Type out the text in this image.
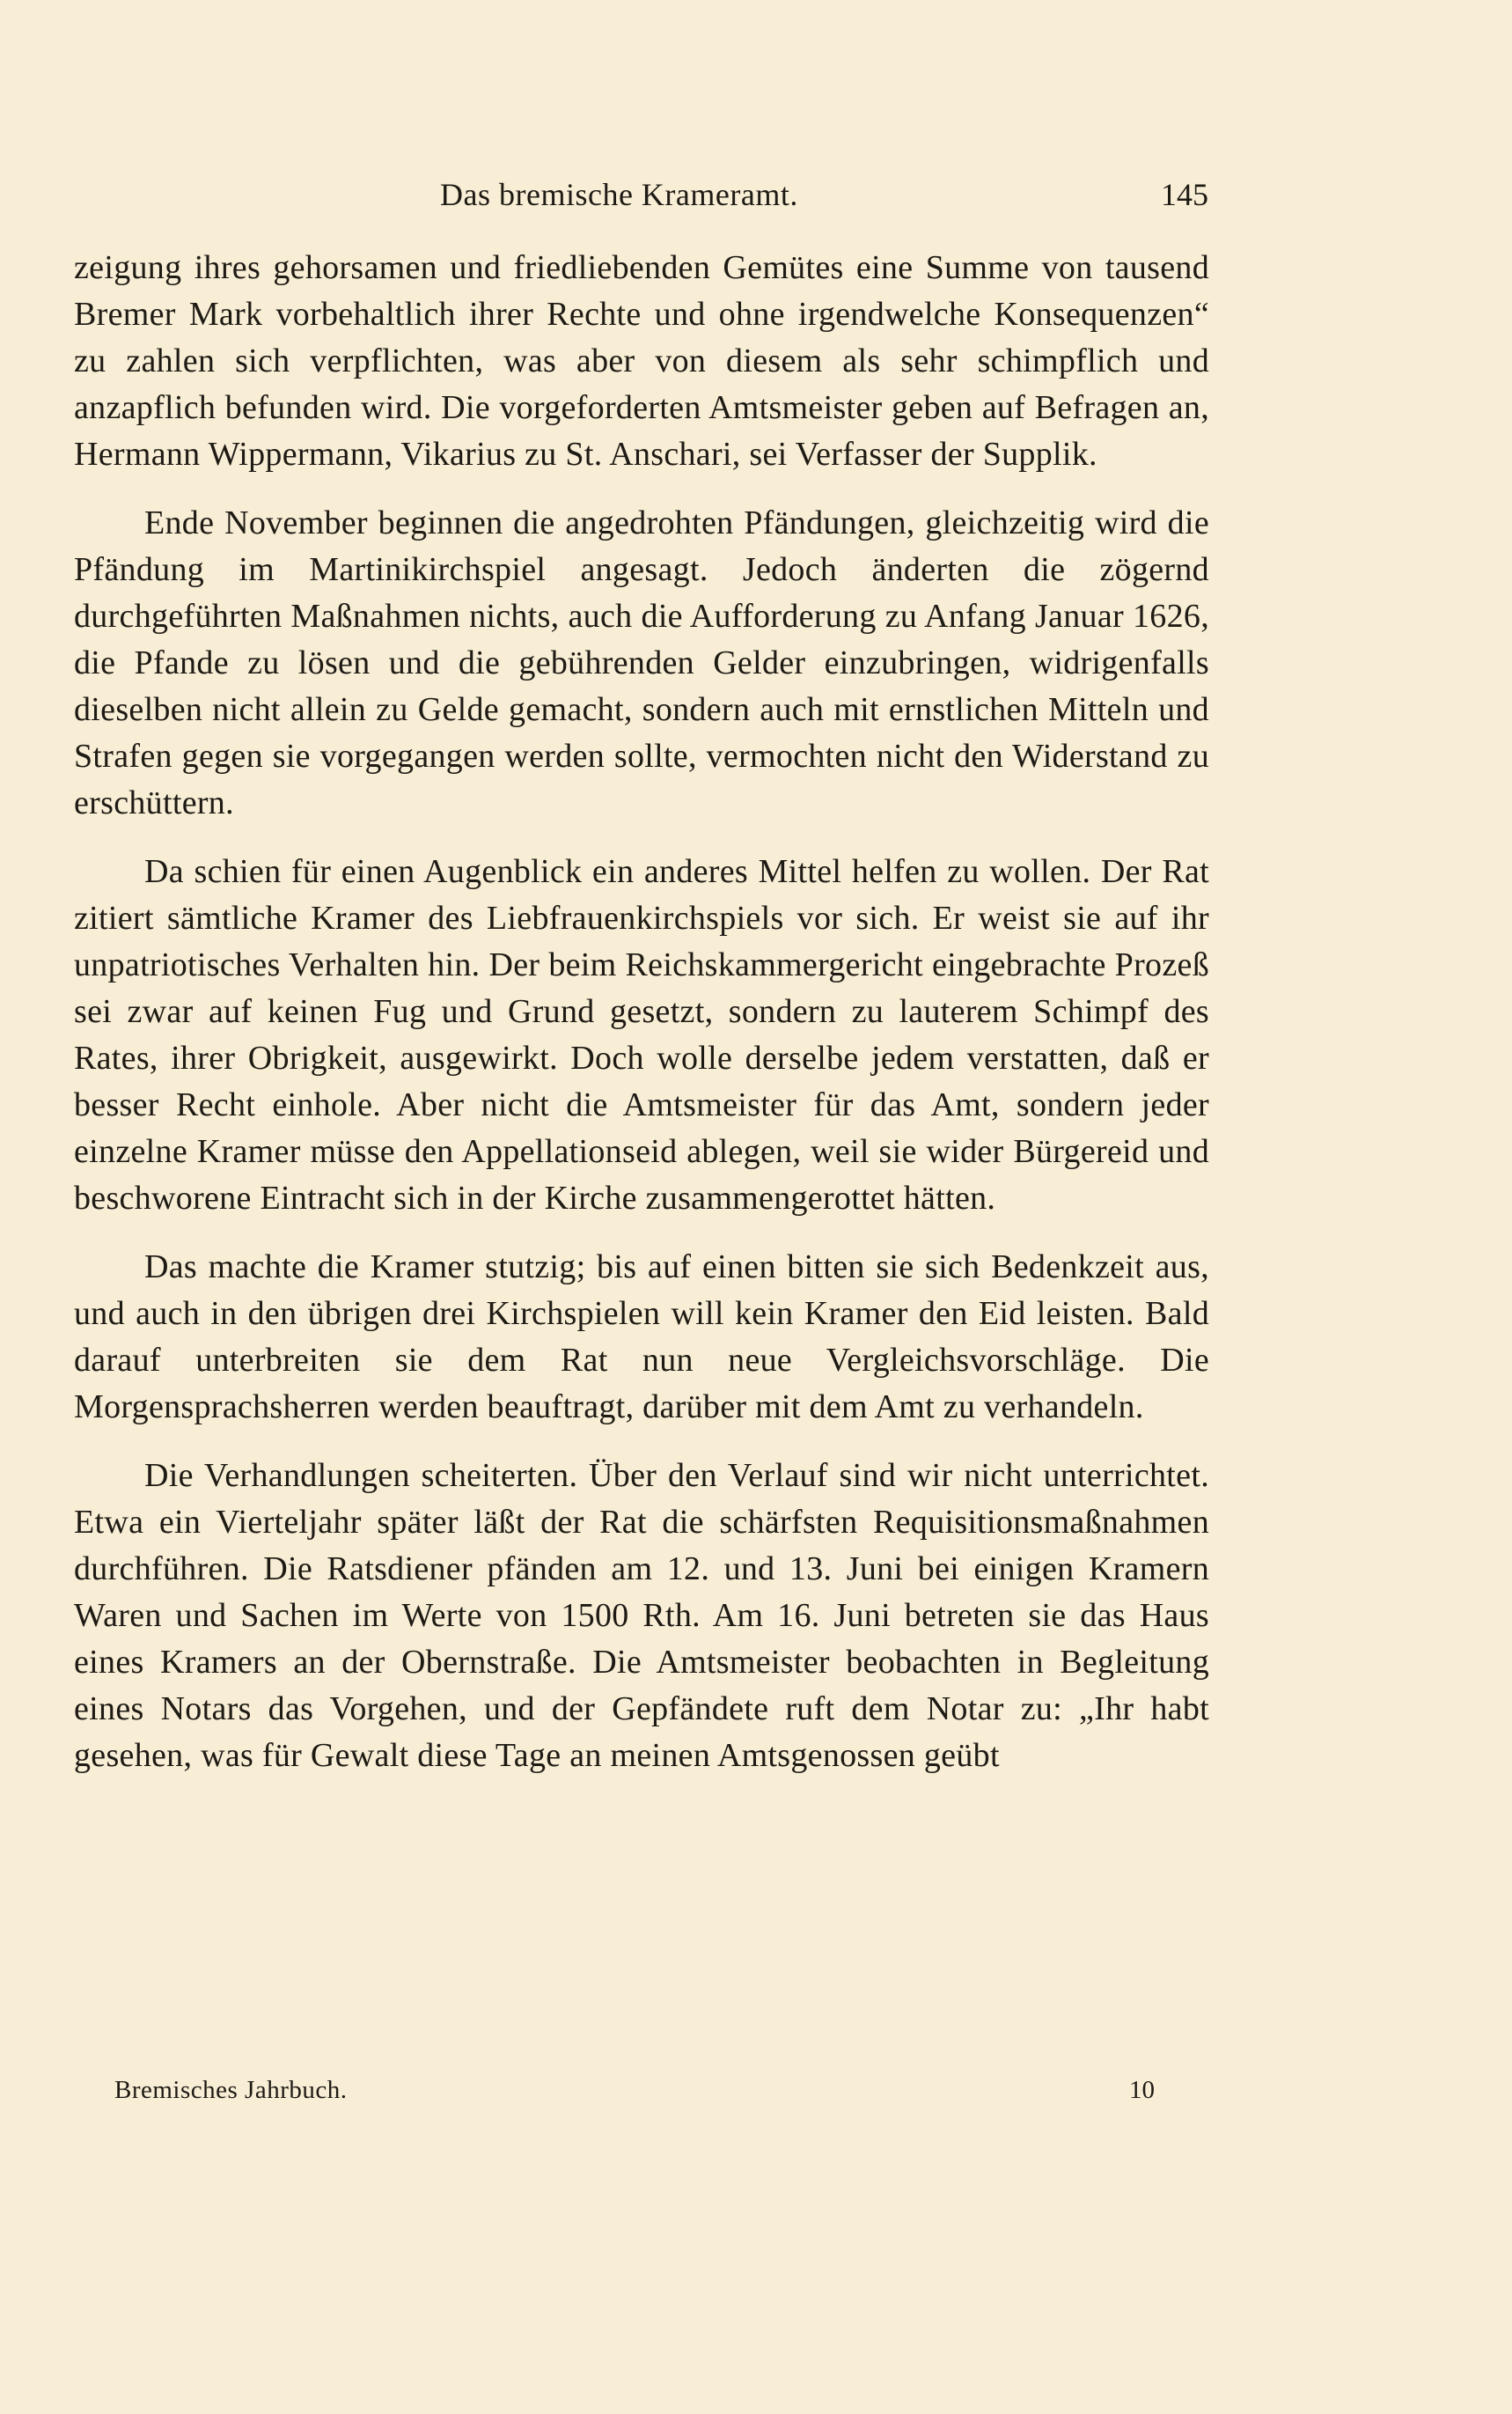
Das bremische Krameramt.	145

zeigung ihres gehorsamen und friedliebenden Gemütes eine Summe von tausend Bremer Mark vorbehaltlich ihrer Rechte und ohne irgendwelche Konsequenzen“ zu zahlen sich verpflichten, was aber von diesem als sehr schimpflich und anzapflich befunden wird. Die vorgeforderten Amtsmeister geben auf Befragen an, Hermann Wippermann, Vikarius zu St. Anschari, sei Verfasser der Supplik.

Ende November beginnen die angedrohten Pfändungen, gleichzeitig wird die Pfändung im Martinikirchspiel angesagt. Jedoch änderten die zögernd durchgeführten Maßnahmen nichts, auch die Aufforderung zu Anfang Januar 1626, die Pfande zu lösen und die gebührenden Gelder einzubringen, widrigenfalls dieselben nicht allein zu Gelde gemacht, sondern auch mit ernstlichen Mitteln und Strafen gegen sie vorgegangen werden sollte, vermochten nicht den Widerstand zu erschüttern.

Da schien für einen Augenblick ein anderes Mittel helfen zu wollen. Der Rat zitiert sämtliche Kramer des Liebfrauenkirchspiels vor sich. Er weist sie auf ihr unpatriotisches Verhalten hin. Der beim Reichskammergericht eingebrachte Prozeß sei zwar auf keinen Fug und Grund gesetzt, sondern zu lauterem Schimpf des Rates, ihrer Obrigkeit, ausgewirkt. Doch wolle derselbe jedem verstatten, daß er besser Recht einhole. Aber nicht die Amtsmeister für das Amt, sondern jeder einzelne Kramer müsse den Appellationseid ablegen, weil sie wider Bürgereid und beschworene Eintracht sich in der Kirche zusammengerottet hätten.

Das machte die Kramer stutzig; bis auf einen bitten sie sich Bedenkzeit aus, und auch in den übrigen drei Kirchspielen will kein Kramer den Eid leisten. Bald darauf unterbreiten sie dem Rat nun neue Vergleichsvorschläge. Die Morgensprachsherren werden beauftragt, darüber mit dem Amt zu verhandeln.

Die Verhandlungen scheiterten. Über den Verlauf sind wir nicht unterrichtet. Etwa ein Vierteljahr später läßt der Rat die schärfsten Requisitionsmaßnahmen durchführen. Die Ratsdiener pfänden am 12. und 13. Juni bei einigen Kramern Waren und Sachen im Werte von 1500 Rth. Am 16. Juni betreten sie das Haus eines Kramers an der Obernstraße. Die Amtsmeister beobachten in Begleitung eines Notars das Vorgehen, und der Gepfändete ruft dem Notar zu: „Ihr habt gesehen, was für Gewalt diese Tage an meinen Amtsgenossen geübt

Bremisches Jahrbuch.	10
